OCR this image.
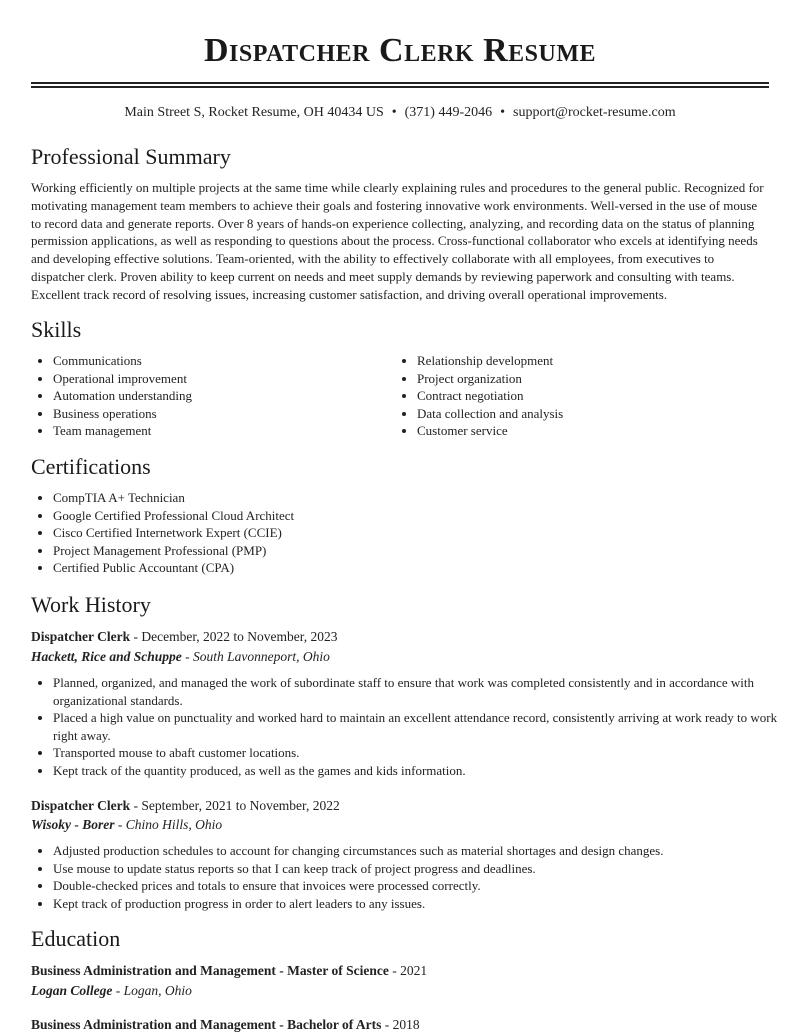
Dispatcher Clerk Resume
Main Street S, Rocket Resume, OH 40434 US • (371) 449-2046 • support@rocket-resume.com
Professional Summary

Working efficiently on multiple projects at the same time while clearly explaining rules and procedures to the general public. Recognized for motivating management team members to achieve their goals and fostering innovative work environments. Well-versed in the use of mouse to record data and generate reports. Over 8 years of hands-on experience collecting, analyzing, and recording data on the status of planning permission applications, as well as responding to questions about the process. Cross-functional collaborator who excels at identifying needs and developing effective solutions. Team-oriented, with the ability to effectively collaborate with all employees, from executives to dispatcher clerk. Proven ability to keep current on needs and meet supply demands by reviewing paperwork and consulting with teams. Excellent track record of resolving issues, increasing customer satisfaction, and driving overall operational improvements.

Skills
• Communications
• Operational improvement
• Automation understanding
• Business operations
• Team management
• Relationship development
• Project organization
• Contract negotiation
• Data collection and analysis
• Customer service
Certifications
• CompTIA A+ Technician
• Google Certified Professional Cloud Architect
• Cisco Certified Internetwork Expert (CCIE)
• Project Management Professional (PMP)
• Certified Public Accountant (CPA)
Work History
Dispatcher Clerk - December, 2022 to November, 2023
Hackett, Rice and Schuppe - South Lavonneport, Ohio
• Planned, organized, and managed the work of subordinate staff to ensure that work was completed consistently and in accordance with organizational standards.
• Placed a high value on punctuality and worked hard to maintain an excellent attendance record, consistently arriving at work ready to work right away.
• Transported mouse to abaft customer locations.
• Kept track of the quantity produced, as well as the games and kids information.
Dispatcher Clerk - September, 2021 to November, 2022
Wisoky - Borer - Chino Hills, Ohio
• Adjusted production schedules to account for changing circumstances such as material shortages and design changes.
• Use mouse to update status reports so that I can keep track of project progress and deadlines.
• Double-checked prices and totals to ensure that invoices were processed correctly.
• Kept track of production progress in order to alert leaders to any issues.
Education
Business Administration and Management - Master of Science - 2021
Logan College - Logan, Ohio
Business Administration and Management - Bachelor of Arts - 2018
